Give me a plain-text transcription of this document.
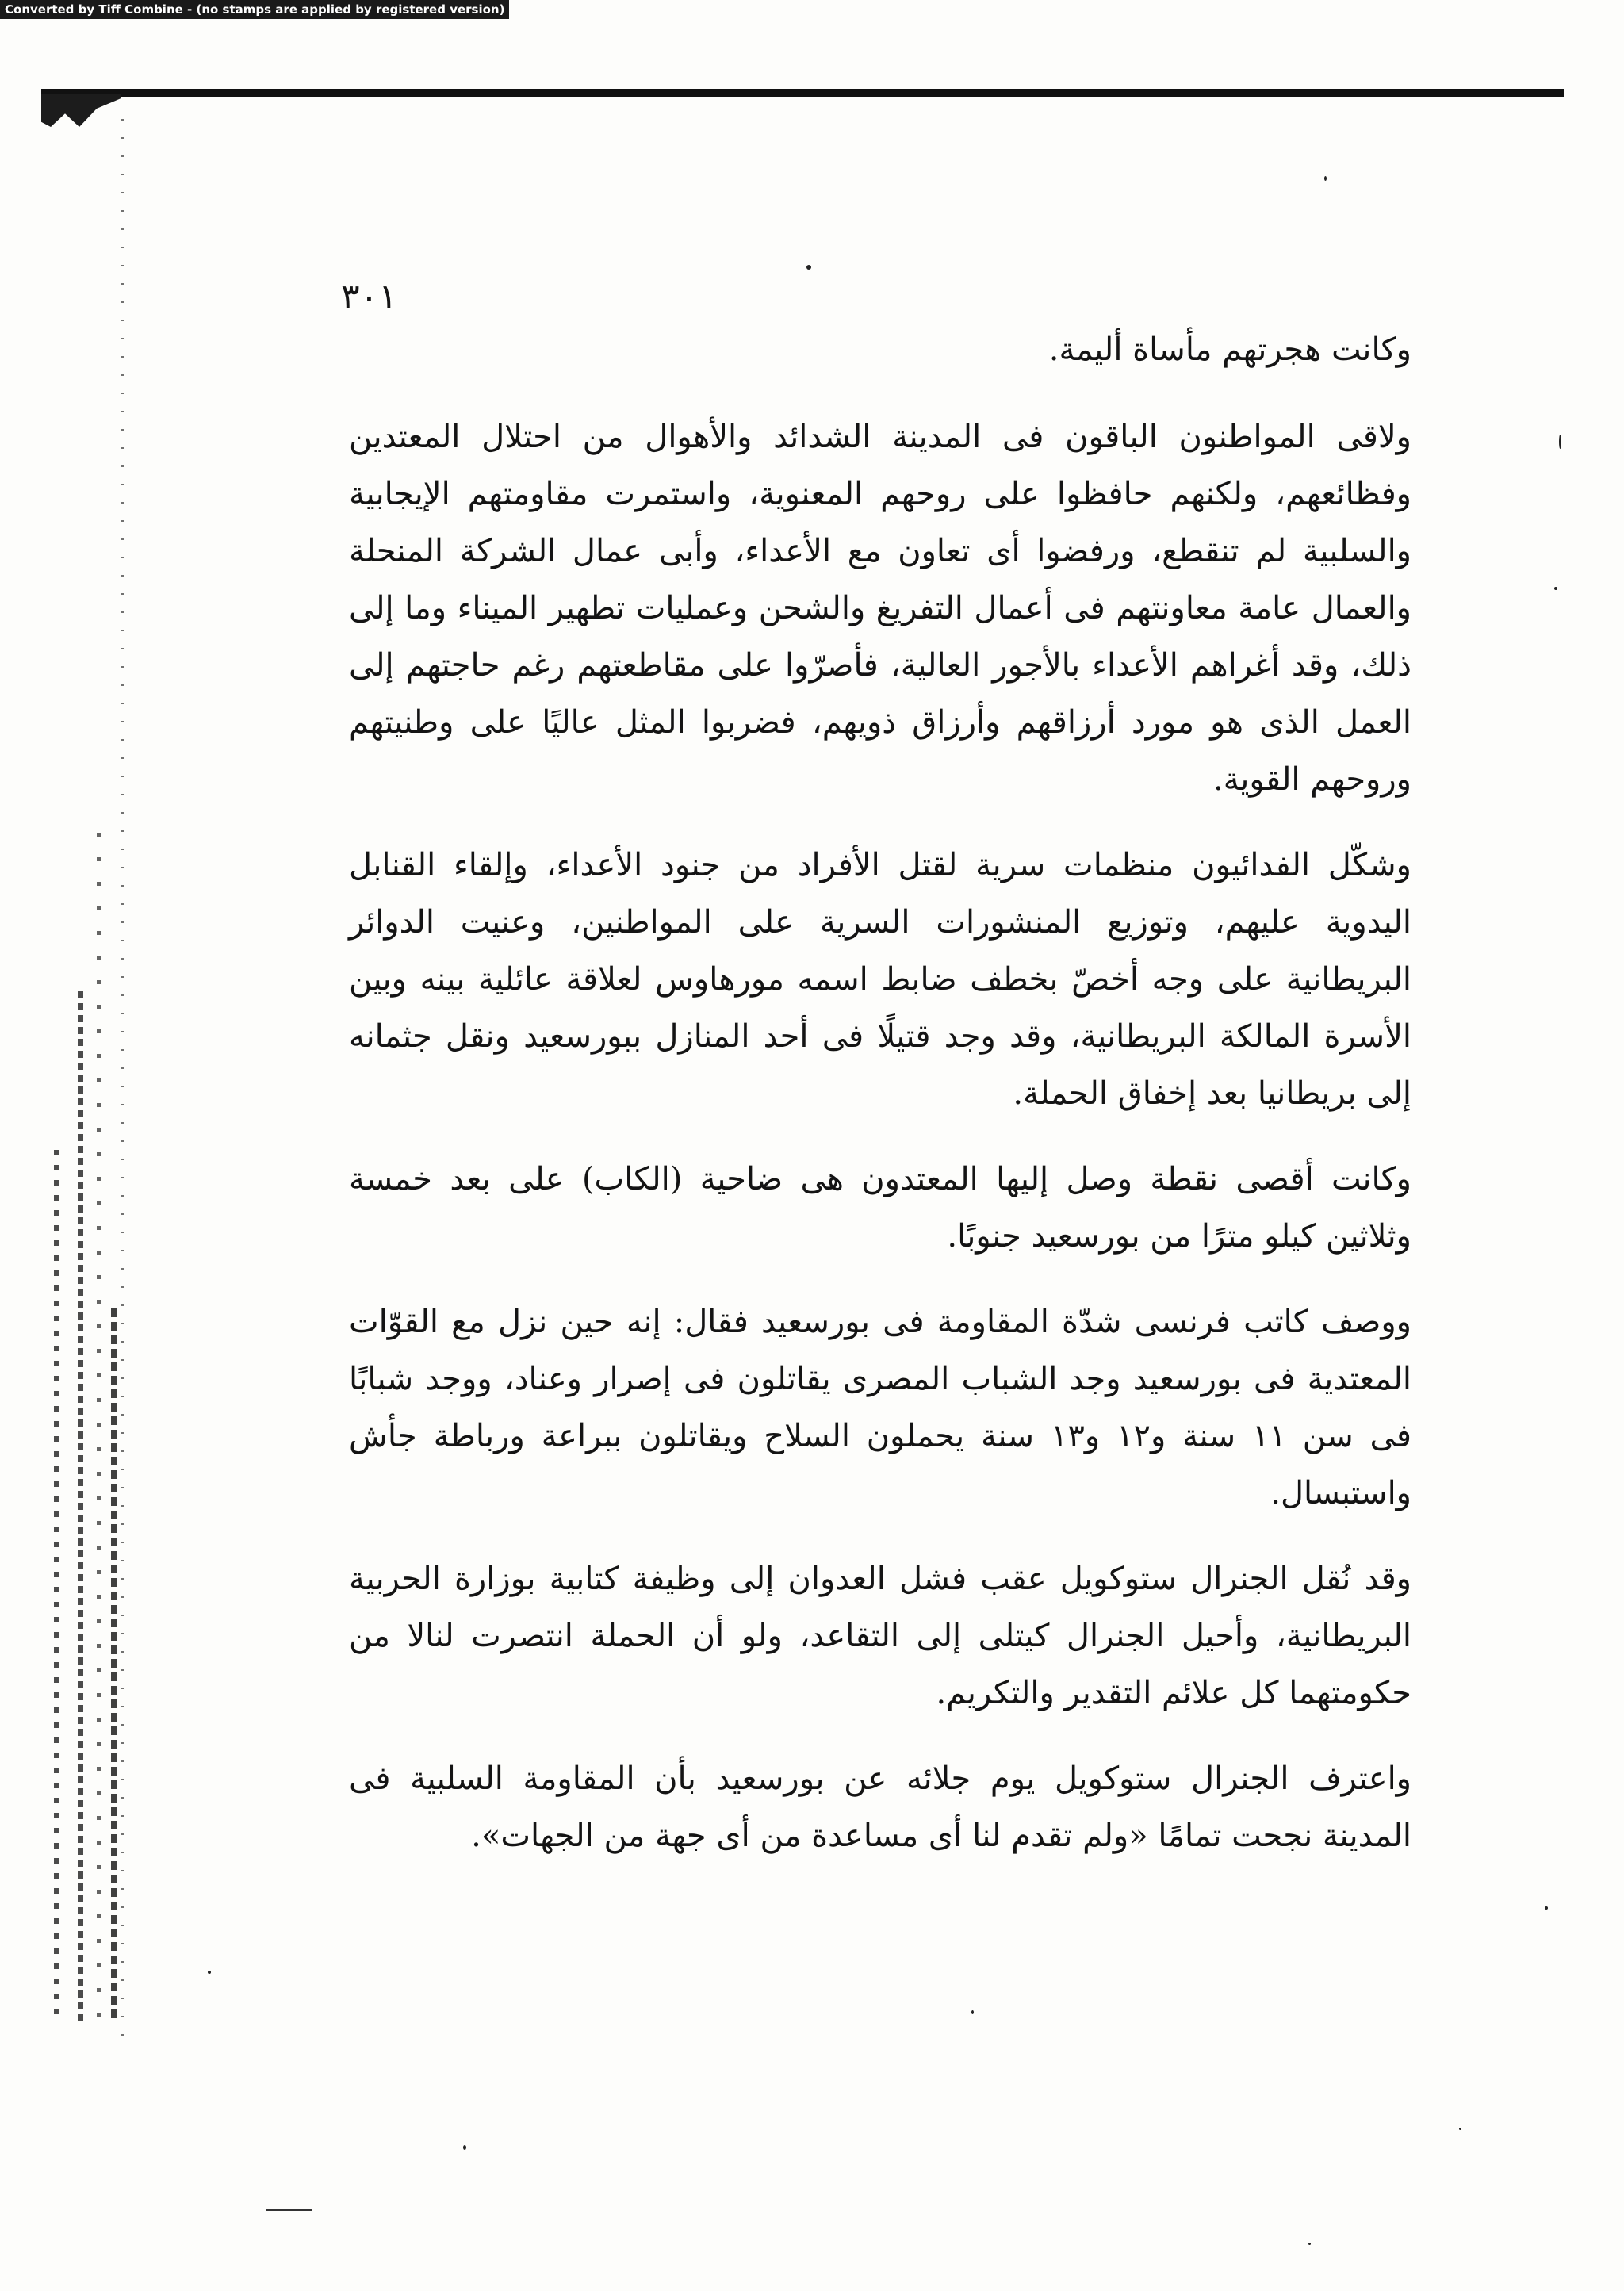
Converted by Tiff Combine - (no stamps are applied by registered version)

٣٠١

وكانت هجرتهم مأساة أليمة.

ولاقى المواطنون الباقون فى المدينة الشدائد والأهوال من احتلال المعتدين وفظائعهم، ولكنهم حافظوا على روحهم المعنوية، واستمرت مقاومتهم الإيجابية والسلبية لم تنقطع، ورفضوا أى تعاون مع الأعداء، وأبى عمال الشركة المنحلة والعمال عامة معاونتهم فى أعمال التفريغ والشحن وعمليات تطهير الميناء وما إلى ذلك، وقد أغراهم الأعداء بالأجور العالية، فأصرّوا على مقاطعتهم رغم حاجتهم إلى العمل الذى هو مورد أرزاقهم وأرزاق ذويهم، فضربوا المثل عاليًا على وطنيتهم وروحهم القوية.

وشكّل الفدائيون منظمات سرية لقتل الأفراد من جنود الأعداء، وإلقاء القنابل اليدوية عليهم، وتوزيع المنشورات السرية على المواطنين، وعنيت الدوائر البريطانية على وجه أخصّ بخطف ضابط اسمه مورهاوس لعلاقة عائلية بينه وبين الأسرة المالكة البريطانية، وقد وجد قتيلًا فى أحد المنازل ببورسعيد ونقل جثمانه إلى بريطانيا بعد إخفاق الحملة.

وكانت أقصى نقطة وصل إليها المعتدون هى ضاحية (الكاب) على بعد خمسة وثلاثين كيلو مترًا من بورسعيد جنوبًا.

ووصف كاتب فرنسى شدّة المقاومة فى بورسعيد فقال: إنه حين نزل مع القوّات المعتدية فى بورسعيد وجد الشباب المصرى يقاتلون فى إصرار وعناد، ووجد شبابًا فى سن ١١ سنة و١٢ و١٣ سنة يحملون السلاح ويقاتلون ببراعة ورباطة جأش واستبسال.

وقد نُقل الجنرال ستوكويل عقب فشل العدوان إلى وظيفة كتابية بوزارة الحربية البريطانية، وأحيل الجنرال كيتلى إلى التقاعد، ولو أن الحملة انتصرت لنالا من حكومتهما كل علائم التقدير والتكريم.

واعترف الجنرال ستوكويل يوم جلائه عن بورسعيد بأن المقاومة السلبية فى المدينة نجحت تمامًا «ولم تقدم لنا أى مساعدة من أى جهة من الجهات».
